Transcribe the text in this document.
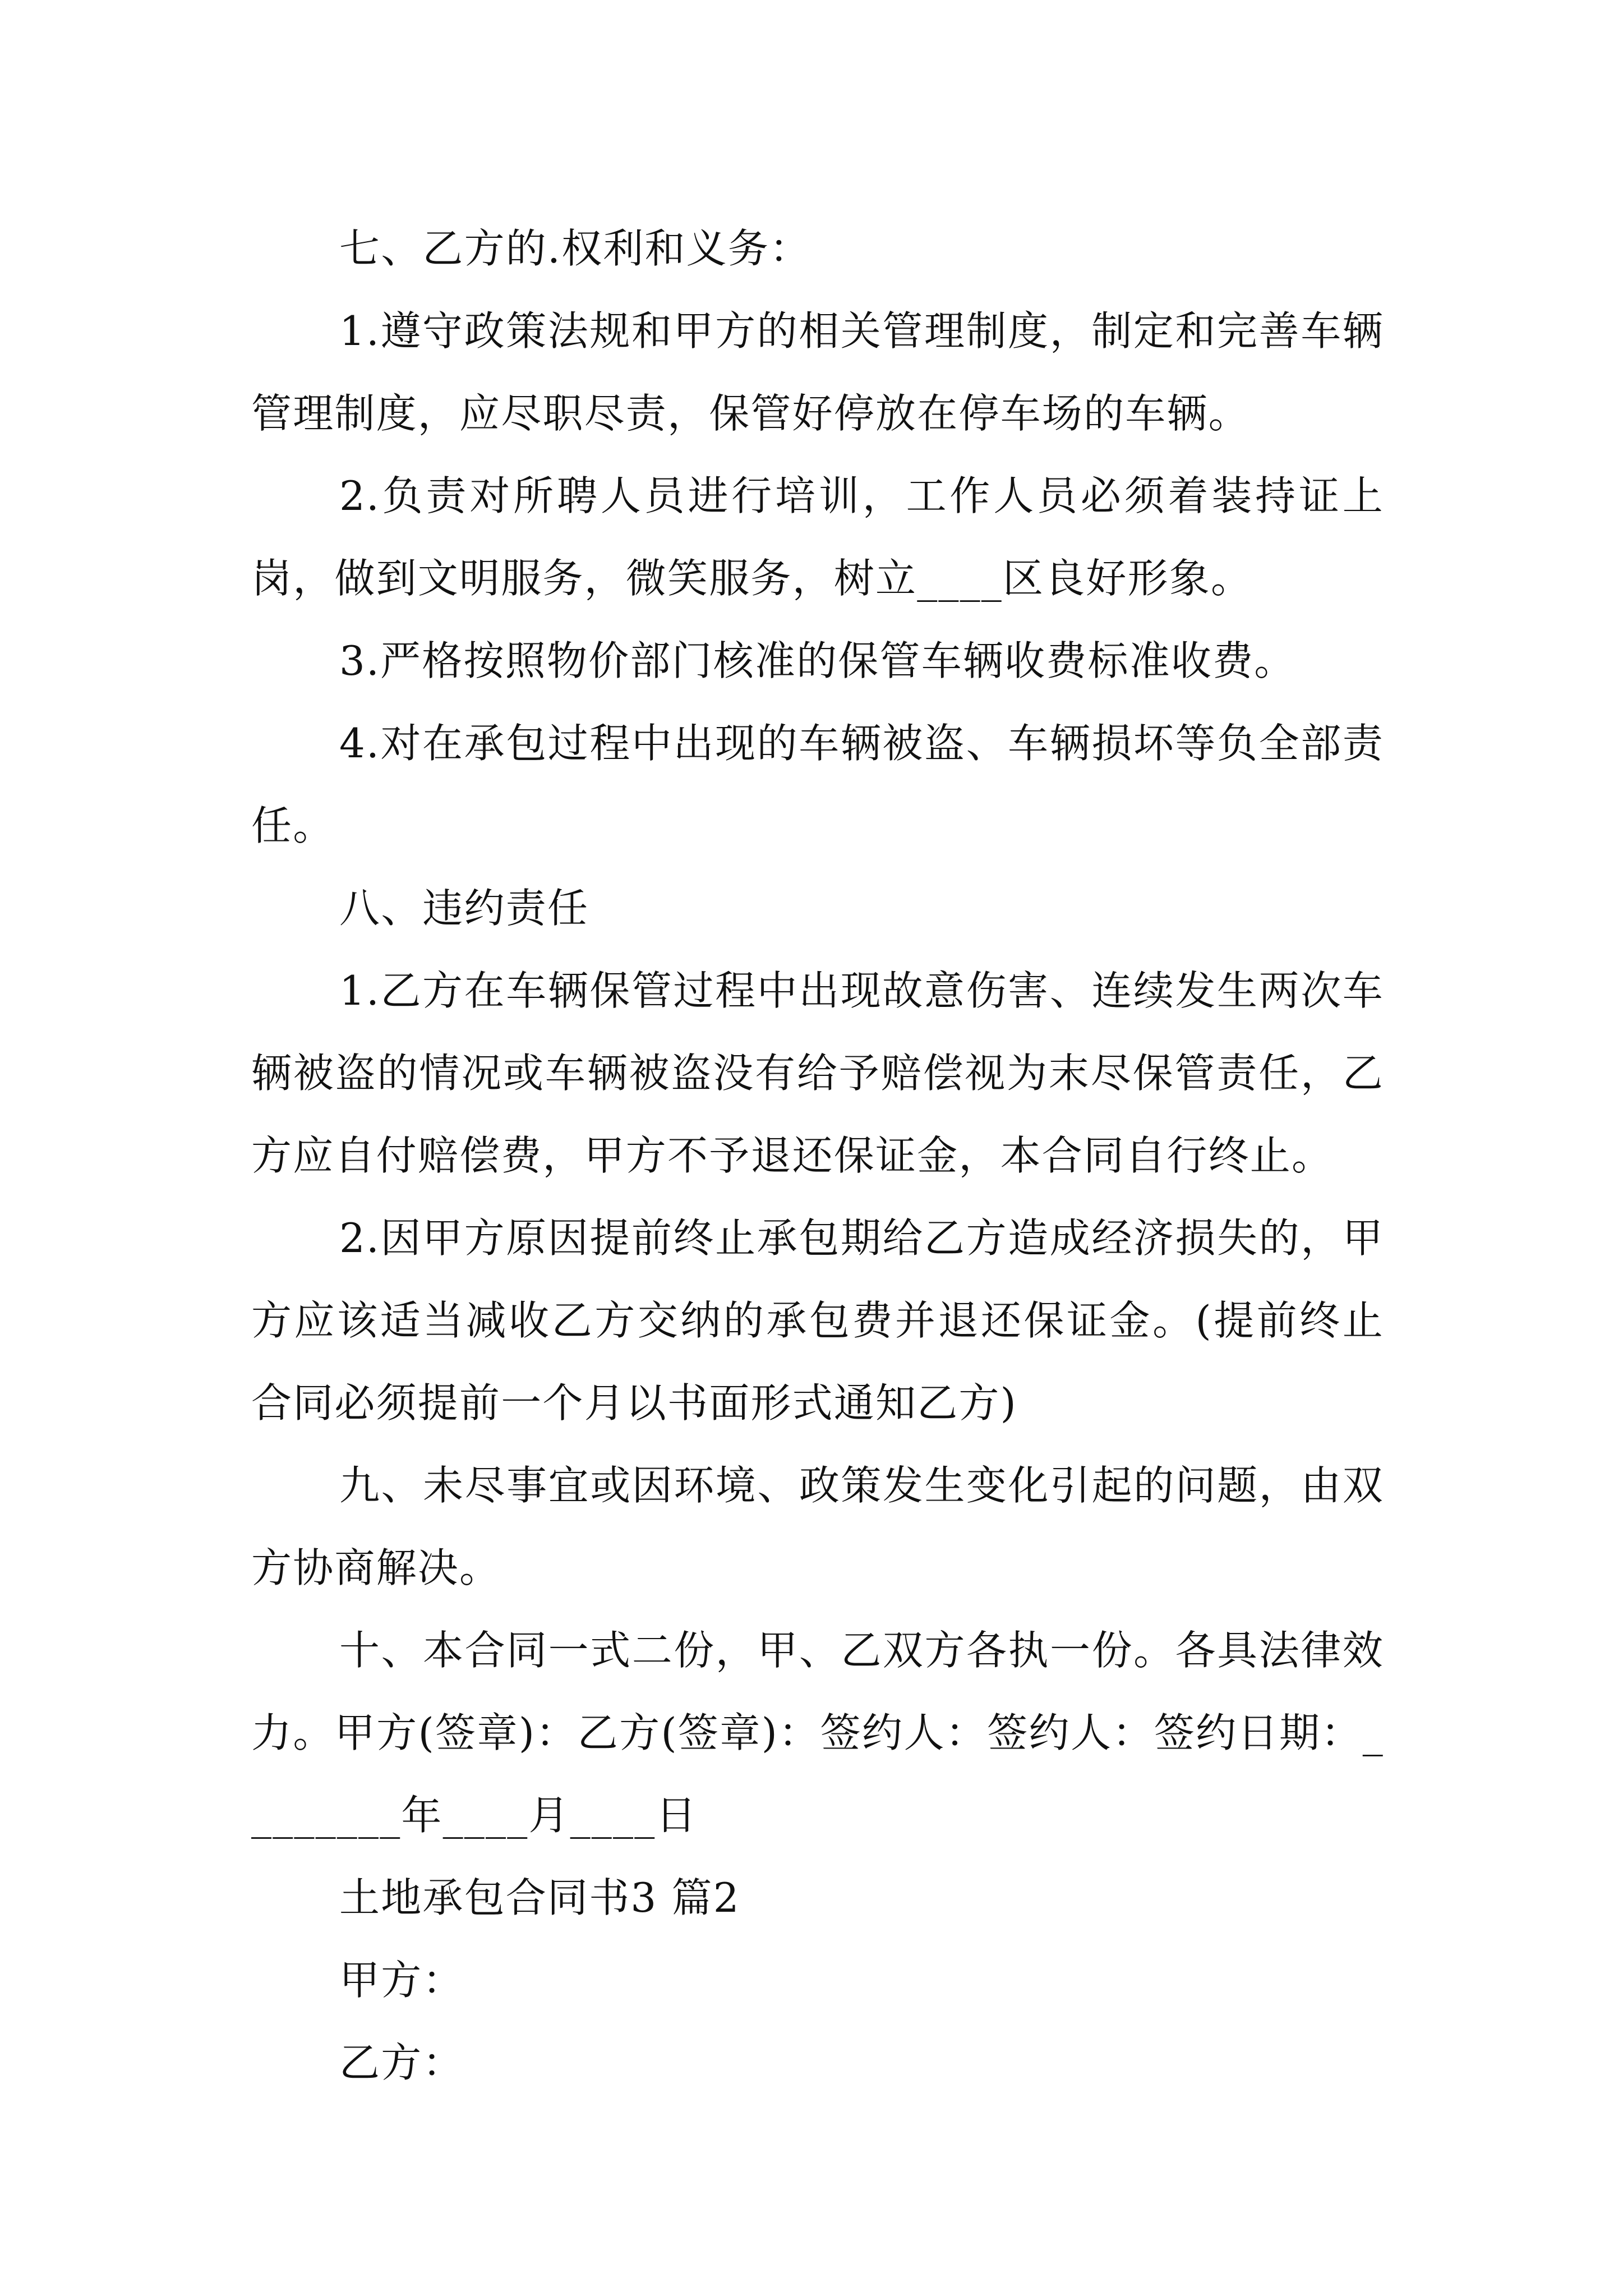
七、乙方的.权利和义务：

1.遵守政策法规和甲方的相关管理制度，制定和完善车辆管理制度，应尽职尽责，保管好停放在停车场的车辆。

2.负责对所聘人员进行培训，工作人员必须着装持证上岗，做到文明服务，微笑服务，树立____区良好形象。

3.严格按照物价部门核准的保管车辆收费标准收费。

4.对在承包过程中出现的车辆被盗、车辆损坏等负全部责任。

八、违约责任

1.乙方在车辆保管过程中出现故意伤害、连续发生两次车辆被盗的情况或车辆被盗没有给予赔偿视为末尽保管责任，乙方应自付赔偿费，甲方不予退还保证金，本合同自行终止。

2.因甲方原因提前终止承包期给乙方造成经济损失的，甲方应该适当减收乙方交纳的承包费并退还保证金。(提前终止合同必须提前一个月以书面形式通知乙方)

九、未尽事宜或因环境、政策发生变化引起的问题，由双方协商解决。

十、本合同一式二份，甲、乙双方各执一份。各具法律效力。甲方(签章)：乙方(签章)：签约人：签约人：签约日期：________年____月____日

土地承包合同书3 篇2

甲方：

乙方：
